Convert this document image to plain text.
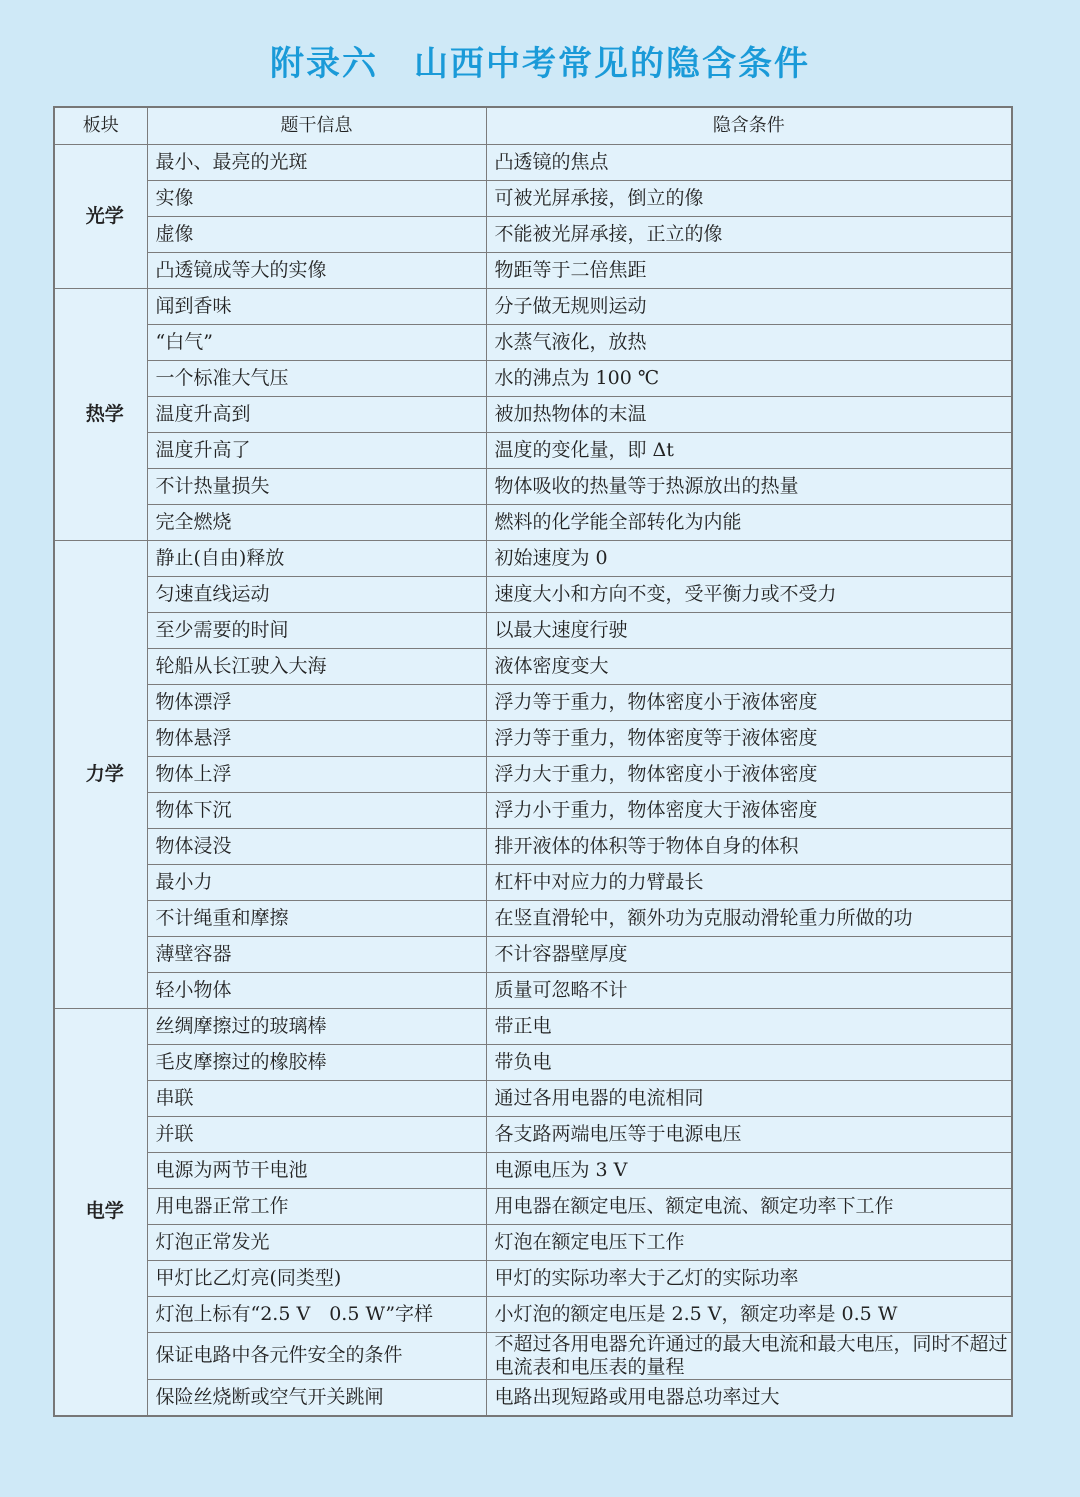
附录六　山西中考常见的隐含条件
板块	题干信息	隐含条件
光学	最小、最亮的光斑	凸透镜的焦点
	实像	可被光屏承接，倒立的像
	虚像	不能被光屏承接，正立的像
	凸透镜成等大的实像	物距等于二倍焦距
热学	闻到香味	分子做无规则运动
	“白气”	水蒸气液化，放热
	一个标准大气压	水的沸点为 100 ℃
	温度升高到	被加热物体的末温
	温度升高了	温度的变化量，即 Δt
	不计热量损失	物体吸收的热量等于热源放出的热量
	完全燃烧	燃料的化学能全部转化为内能
力学	静止(自由)释放	初始速度为 0
	匀速直线运动	速度大小和方向不变，受平衡力或不受力
	至少需要的时间	以最大速度行驶
	轮船从长江驶入大海	液体密度变大
	物体漂浮	浮力等于重力，物体密度小于液体密度
	物体悬浮	浮力等于重力，物体密度等于液体密度
	物体上浮	浮力大于重力，物体密度小于液体密度
	物体下沉	浮力小于重力，物体密度大于液体密度
	物体浸没	排开液体的体积等于物体自身的体积
	最小力	杠杆中对应力的力臂最长
	不计绳重和摩擦	在竖直滑轮中，额外功为克服动滑轮重力所做的功
	薄壁容器	不计容器壁厚度
	轻小物体	质量可忽略不计
电学	丝绸摩擦过的玻璃棒	带正电
	毛皮摩擦过的橡胶棒	带负电
	串联	通过各用电器的电流相同
	并联	各支路两端电压等于电源电压
	电源为两节干电池	电源电压为 3 V
	用电器正常工作	用电器在额定电压、额定电流、额定功率下工作
	灯泡正常发光	灯泡在额定电压下工作
	甲灯比乙灯亮(同类型)	甲灯的实际功率大于乙灯的实际功率
	灯泡上标有“2.5 V　0.5 W”字样	小灯泡的额定电压是 2.5 V，额定功率是 0.5 W
	保证电路中各元件安全的条件	不超过各用电器允许通过的最大电流和最大电压，同时不超过电流表和电压表的量程
	保险丝烧断或空气开关跳闸	电路出现短路或用电器总功率过大
